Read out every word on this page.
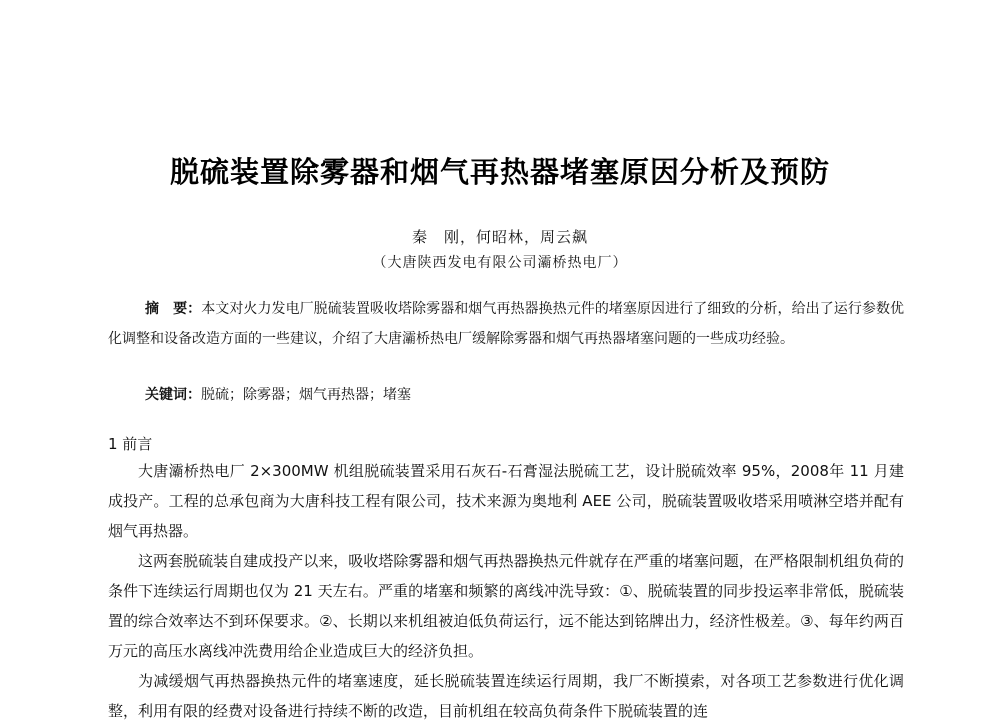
脱硫装置除雾器和烟气再热器堵塞原因分析及预防
秦　刚，何昭林，周云飙
（大唐陕西发电有限公司灞桥热电厂）
摘　要：本文对火力发电厂脱硫装置吸收塔除雾器和烟气再热器换热元件的堵塞原因进行了细致的分析，给出了运行参数优化调整和设备改造方面的一些建议，介绍了大唐灞桥热电厂缓解除雾器和烟气再热器堵塞问题的一些成功经验。
关键词：脱硫；除雾器；烟气再热器；堵塞
1 前言

大唐灞桥热电厂 2×300MW 机组脱硫装置采用石灰石-石膏湿法脱硫工艺，设计脱硫效率 95%，2008年 11 月建成投产。工程的总承包商为大唐科技工程有限公司，技术来源为奥地利 AEE 公司，脱硫装置吸收塔采用喷淋空塔并配有烟气再热器。

这两套脱硫装自建成投产以来，吸收塔除雾器和烟气再热器换热元件就存在严重的堵塞问题，在严格限制机组负荷的条件下连续运行周期也仅为 21 天左右。严重的堵塞和频繁的离线冲洗导致：①、脱硫装置的同步投运率非常低，脱硫装置的综合效率达不到环保要求。②、长期以来机组被迫低负荷运行，远不能达到铭牌出力，经济性极差。③、每年约两百万元的高压水离线冲洗费用给企业造成巨大的经济负担。

为减缓烟气再热器换热元件的堵塞速度，延长脱硫装置连续运行周期，我厂不断摸索，对各项工艺参数进行优化调整，利用有限的经费对设备进行持续不断的改造，目前机组在较高负荷条件下脱硫装置的连
